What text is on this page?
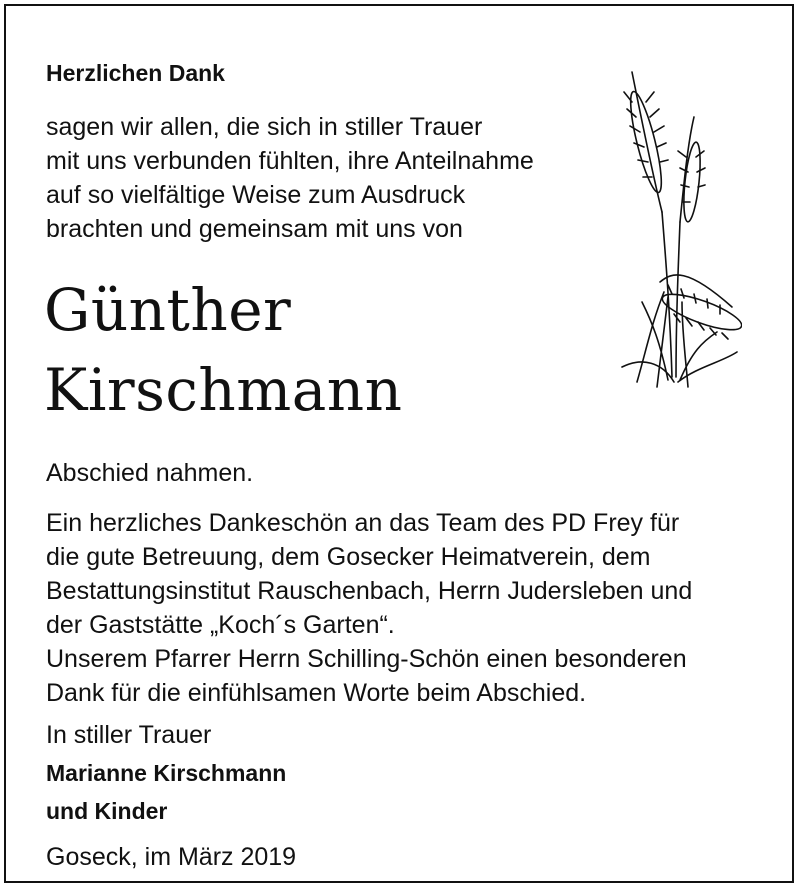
Herzlichen Dank
sagen wir allen, die sich in stiller Trauer
mit uns verbunden fühlten, ihre Anteilnahme
auf so vielfältige Weise zum Ausdruck
brachten und gemeinsam mit uns von
Günther
Kirschmann
Abschied nahmen.
Ein herzliches Dankeschön an das Team des PD Frey für
die gute Betreuung, dem Gosecker Heimatverein, dem
Bestattungsinstitut Rauschenbach, Herrn Judersleben und
der Gaststätte „Koch´s Garten“.
Unserem Pfarrer Herrn Schilling-Schön einen besonderen
Dank für die einfühlsamen Worte beim Abschied.
In stiller Trauer
Marianne Kirschmann
und Kinder
Goseck, im März 2019
